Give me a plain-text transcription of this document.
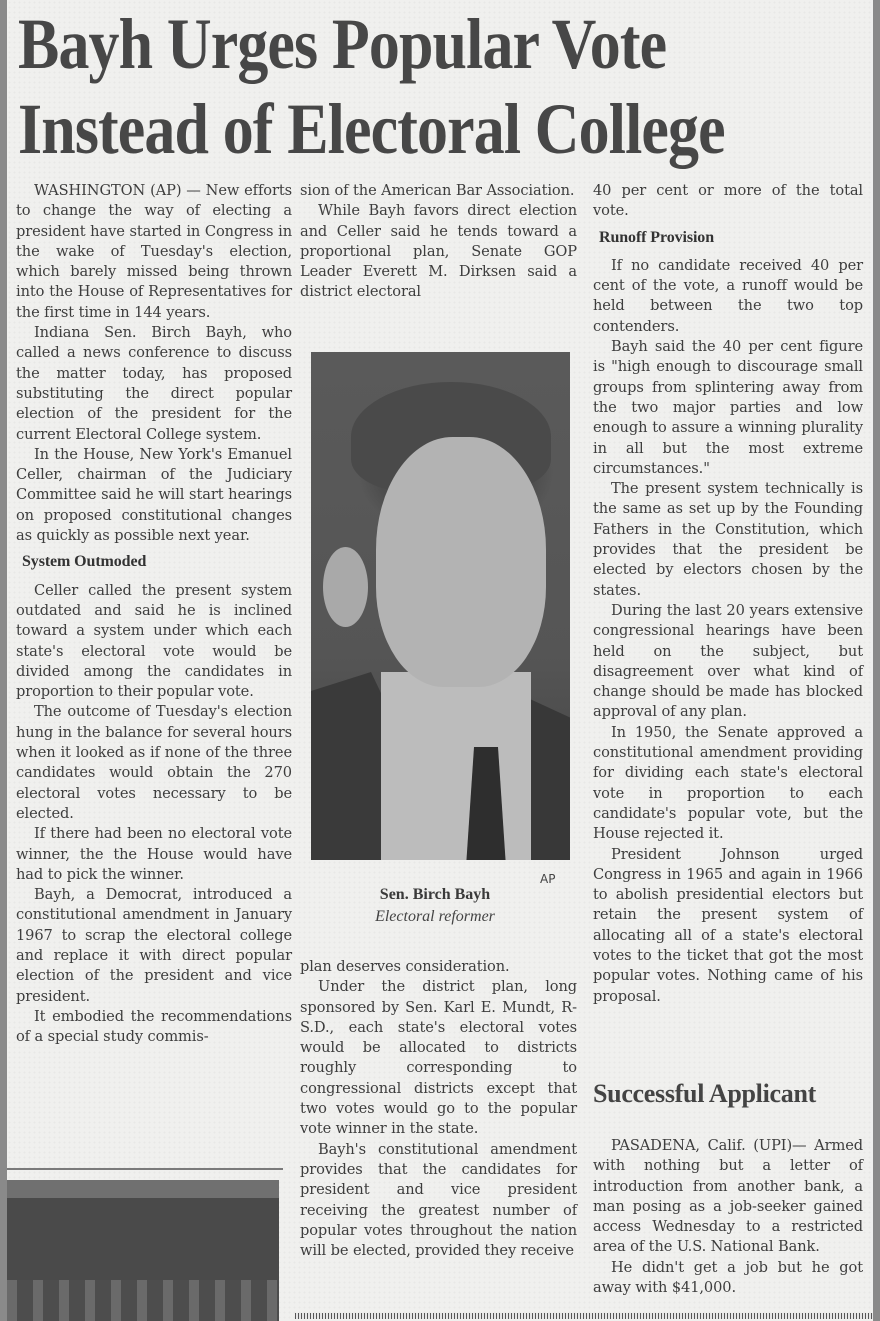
Bayh Urges Popular Vote
Instead of Electoral College

WASHINGTON (AP) — New efforts to change the way of electing a president have started in Congress in the wake of Tuesday's election, which barely missed being thrown into the House of Representatives for the first time in 144 years.

Indiana Sen. Birch Bayh, who called a news conference to discuss the matter today, has proposed substituting the direct popular election of the president for the current Electoral College system.

In the House, New York's Emanuel Celler, chairman of the Judiciary Committee said he will start hearings on proposed constitutional changes as quickly as possible next year.

System Outmoded

Celler called the present system outdated and said he is inclined toward a system under which each state's electoral vote would be divided among the candidates in proportion to their popular vote.

The outcome of Tuesday's election hung in the balance for several hours when it looked as if none of the three candidates would obtain the 270 electoral votes necessary to be elected.

If there had been no electoral vote winner, the the House would have had to pick the winner.

Bayh, a Democrat, introduced a constitutional amendment in January 1967 to scrap the electoral college and replace it with direct popular election of the president and vice president.

It embodied the recommendations of a special study commis-

sion of the American Bar Association.

While Bayh favors direct election and Celler said he tends toward a proportional plan, Senate GOP Leader Everett M. Dirksen said a district electoral

AP
Sen. Birch Bayh
Electoral reformer

plan deserves consideration.

Under the district plan, long sponsored by Sen. Karl E. Mundt, R-S.D., each state's electoral votes would be allocated to districts roughly corresponding to congressional districts except that two votes would go to the popular vote winner in the state.

Bayh's constitutional amendment provides that the candidates for president and vice president receiving the greatest number of popular votes throughout the nation will be elected, provided they receive

40 per cent or more of the total vote.

Runoff Provision

If no candidate received 40 per cent of the vote, a runoff would be held between the two top contenders.

Bayh said the 40 per cent figure is "high enough to discourage small groups from splintering away from the two major parties and low enough to assure a winning plurality in all but the most extreme circumstances."

The present system technically is the same as set up by the Founding Fathers in the Constitution, which provides that the president be elected by electors chosen by the states.

During the last 20 years extensive congressional hearings have been held on the subject, but disagreement over what kind of change should be made has blocked approval of any plan.

In 1950, the Senate approved a constitutional amendment providing for dividing each state's electoral vote in proportion to each candidate's popular vote, but the House rejected it.

President Johnson urged Congress in 1965 and again in 1966 to abolish presidential electors but retain the present system of allocating all of a state's electoral votes to the ticket that got the most popular votes. Nothing came of his proposal.

Successful Applicant

PASADENA, Calif. (UPI)— Armed with nothing but a letter of introduction from another bank, a man posing as a job-seeker gained access Wednesday to a restricted area of the U.S. National Bank.

He didn't get a job but he got away with $41,000.
